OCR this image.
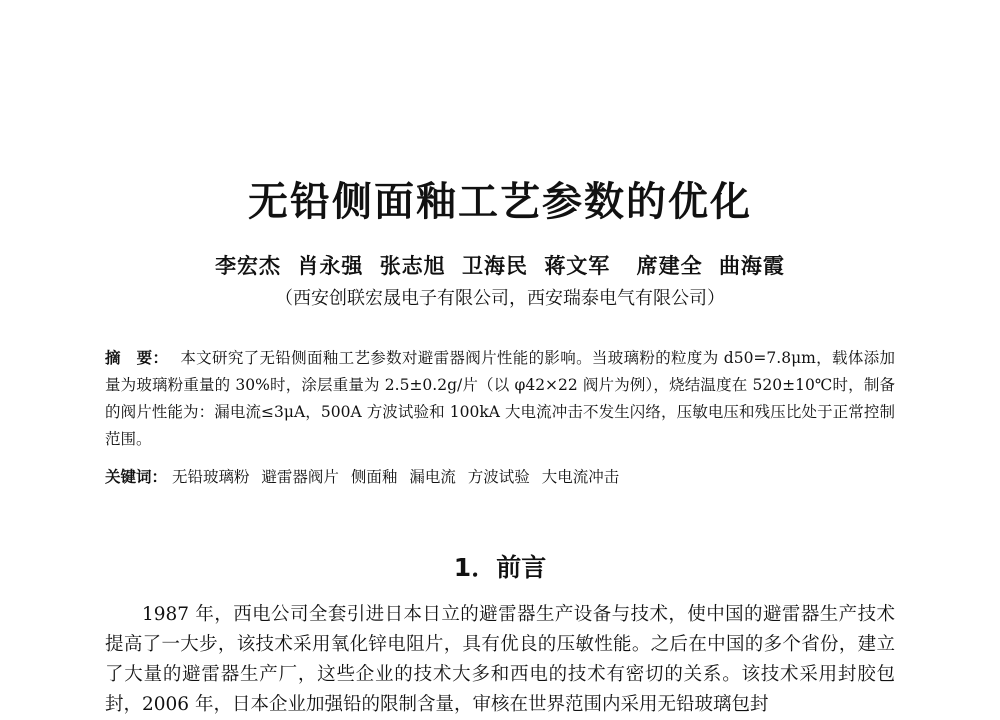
无铅侧面釉工艺参数的优化
李宏杰 肖永强 张志旭 卫海民 蒋文军 席建全 曲海霞
（西安创联宏晟电子有限公司，西安瑞泰电气有限公司）
摘　要： 本文研究了无铅侧面釉工艺参数对避雷器阀片性能的影响。当玻璃粉的粒度为 d50=7.8μm，载体添加量为玻璃粉重量的 30%时，涂层重量为 2.5±0.2g/片（以 φ42×22 阀片为例），烧结温度在 520±10℃时，制备的阀片性能为：漏电流≤3μA，500A 方波试验和 100kA 大电流冲击不发生闪络，压敏电压和残压比处于正常控制范围。
关键词： 无铅玻璃粉 避雷器阀片 侧面釉 漏电流 方波试验 大电流冲击
1．前言
1987 年，西电公司全套引进日本日立的避雷器生产设备与技术，使中国的避雷器生产技术提高了一大步，该技术采用氧化锌电阻片，具有优良的压敏性能。之后在中国的多个省份，建立了大量的避雷器生产厂，这些企业的技术大多和西电的技术有密切的关系。该技术采用封胶包封，2006 年，日本企业加强铅的限制含量，审核在世界范围内采用无铅玻璃包封
